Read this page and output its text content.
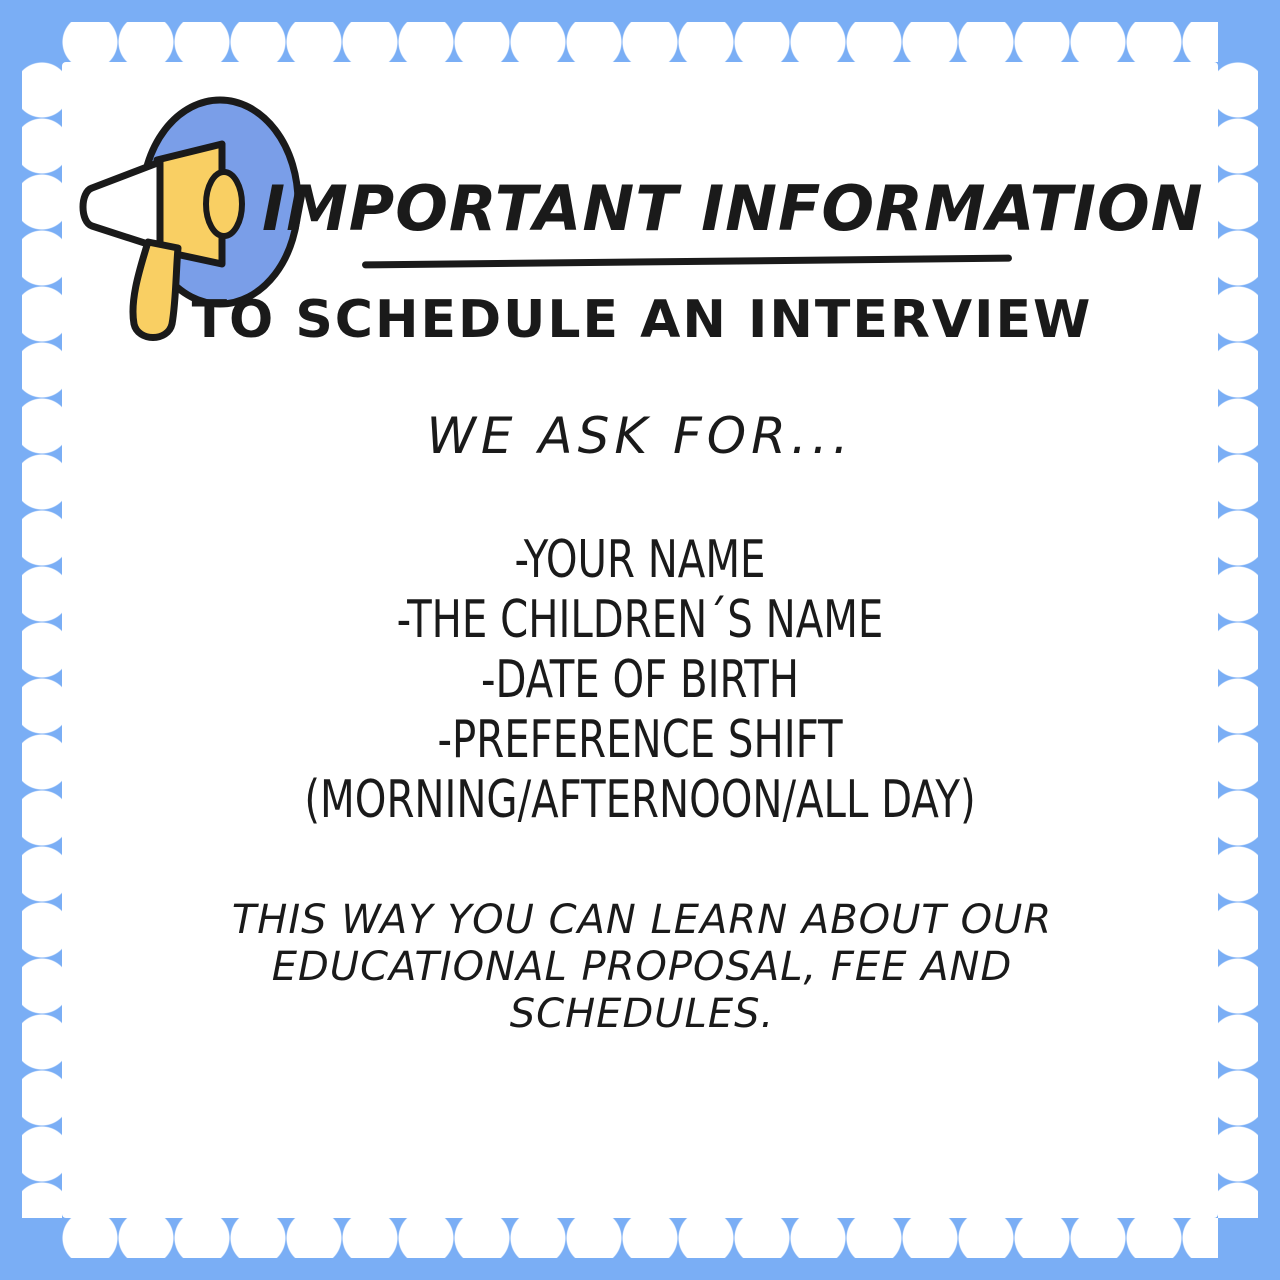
IMPORTANT INFORMATION
TO SCHEDULE AN INTERVIEW
WE ASK FOR...
-YOUR NAME
-THE CHILDREN´S NAME
-DATE OF BIRTH
-PREFERENCE SHIFT
(MORNING/AFTERNOON/ALL DAY)
THIS WAY YOU CAN LEARN ABOUT OUR EDUCATIONAL PROPOSAL, FEE AND SCHEDULES.
